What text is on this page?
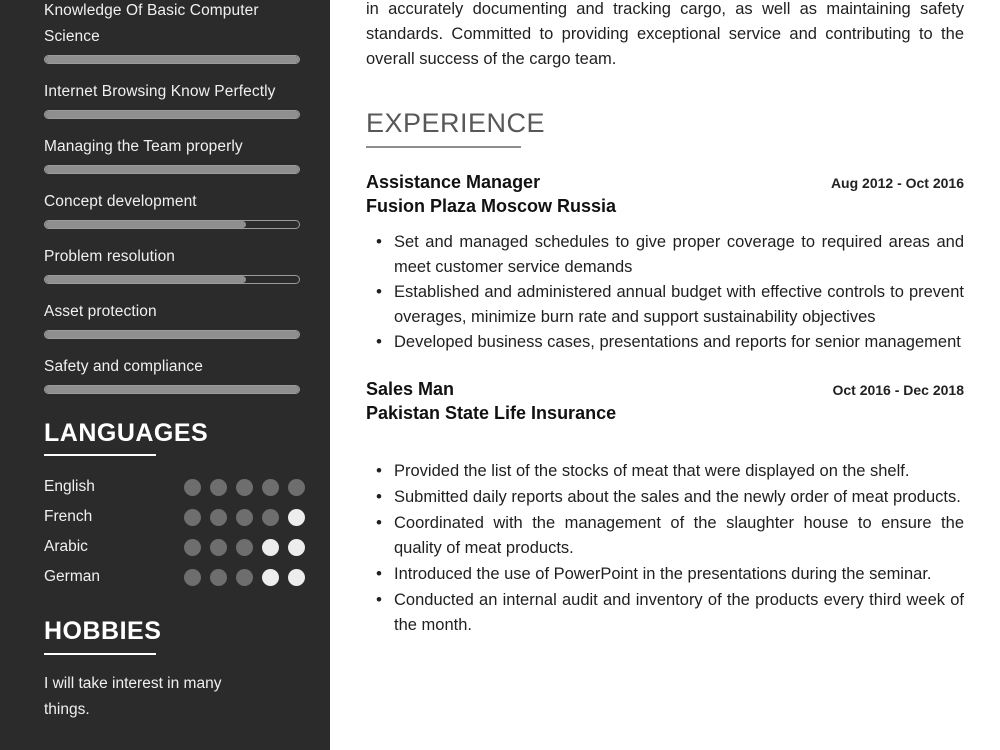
Knowledge Of Basic Computer Science
Internet Browsing Know Perfectly
Managing the Team properly
Concept development
Problem resolution
Asset protection
Safety and compliance
LANGUAGES
English
French
Arabic
German
HOBBIES

I will take interest in many things.

in accurately documenting and tracking cargo, as well as maintaining safety standards. Committed to providing exceptional service and contributing to the overall success of the cargo team.

EXPERIENCE
Assistance Manager	Aug 2012 - Oct 2016
Fusion Plaza Moscow Russia
• Set and managed schedules to give proper coverage to required areas and meet customer service demands
• Established and administered annual budget with effective controls to prevent overages, minimize burn rate and support sustainability objectives
• Developed business cases, presentations and reports for senior management
Sales Man	Oct 2016 - Dec 2018
Pakistan State Life Insurance
• Provided the list of the stocks of meat that were displayed on the shelf.
• Submitted daily reports about the sales and the newly order of meat products.
• Coordinated with the management of the slaughter house to ensure the quality of meat products.
• Introduced the use of PowerPoint in the presentations during the seminar.
• Conducted an internal audit and inventory of the products every third week of the month.
